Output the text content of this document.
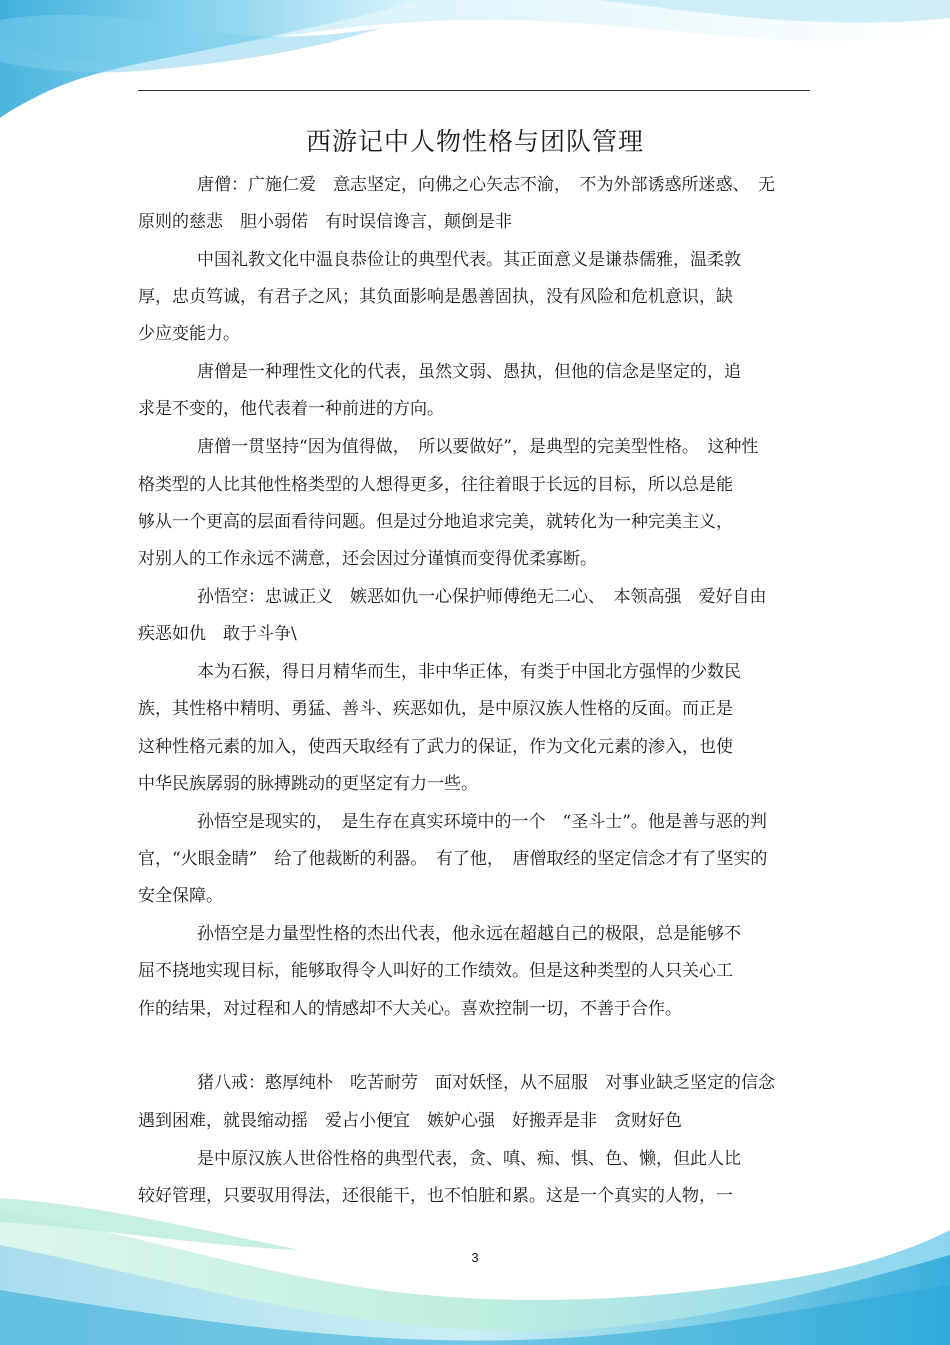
西游记中人物性格与团队管理

唐僧：广施仁爱　意志坚定，向佛之心矢志不渝，　不为外部诱惑所迷惑、　无

原则的慈悲　胆小弱偌　有时误信谗言，颠倒是非

中国礼教文化中温良恭俭让的典型代表。其正面意义是谦恭儒雅，温柔敦

厚，忠贞笃诚，有君子之风；其负面影响是愚善固执，没有风险和危机意识，缺

少应变能力。

唐僧是一种理性文化的代表，虽然文弱、愚执，但他的信念是坚定的，追

求是不变的，他代表着一种前进的方向。

唐僧一贯坚持“因为值得做，　所以要做好”，是典型的完美型性格。　这种性

格类型的人比其他性格类型的人想得更多，往往着眼于长远的目标，所以总是能

够从一个更高的层面看待问题。但是过分地追求完美，就转化为一种完美主义，

对别人的工作永远不满意，还会因过分谨慎而变得优柔寡断。

孙悟空：忠诚正义　嫉恶如仇一心保护师傅绝无二心、　本领高强　爱好自由

疾恶如仇　敢于斗争\

本为石猴，得日月精华而生，非中华正体，有类于中国北方强悍的少数民

族，其性格中精明、勇猛、善斗、疾恶如仇，是中原汉族人性格的反面。而正是

这种性格元素的加入，使西天取经有了武力的保证，作为文化元素的渗入，也使

中华民族孱弱的脉搏跳动的更坚定有力一些。

孙悟空是现实的，　是生存在真实环境中的一个　“圣斗士”。他是善与恶的判

官，“火眼金睛”　给了他裁断的利器。　有了他，　唐僧取经的坚定信念才有了坚实的

安全保障。

孙悟空是力量型性格的杰出代表，他永远在超越自己的极限，总是能够不

屈不挠地实现目标，能够取得令人叫好的工作绩效。但是这种类型的人只关心工

作的结果，对过程和人的情感却不大关心。喜欢控制一切，不善于合作。

猪八戒：憨厚纯朴　吃苦耐劳　面对妖怪，从不屈服　对事业缺乏坚定的信念

遇到困难，就畏缩动摇　爱占小便宜　嫉妒心强　好搬弄是非　贪财好色

是中原汉族人世俗性格的典型代表，贪、嗔、痴、惧、色、懒，但此人比

较好管理，只要驭用得法，还很能干，也不怕脏和累。这是一个真实的人物，一

3
